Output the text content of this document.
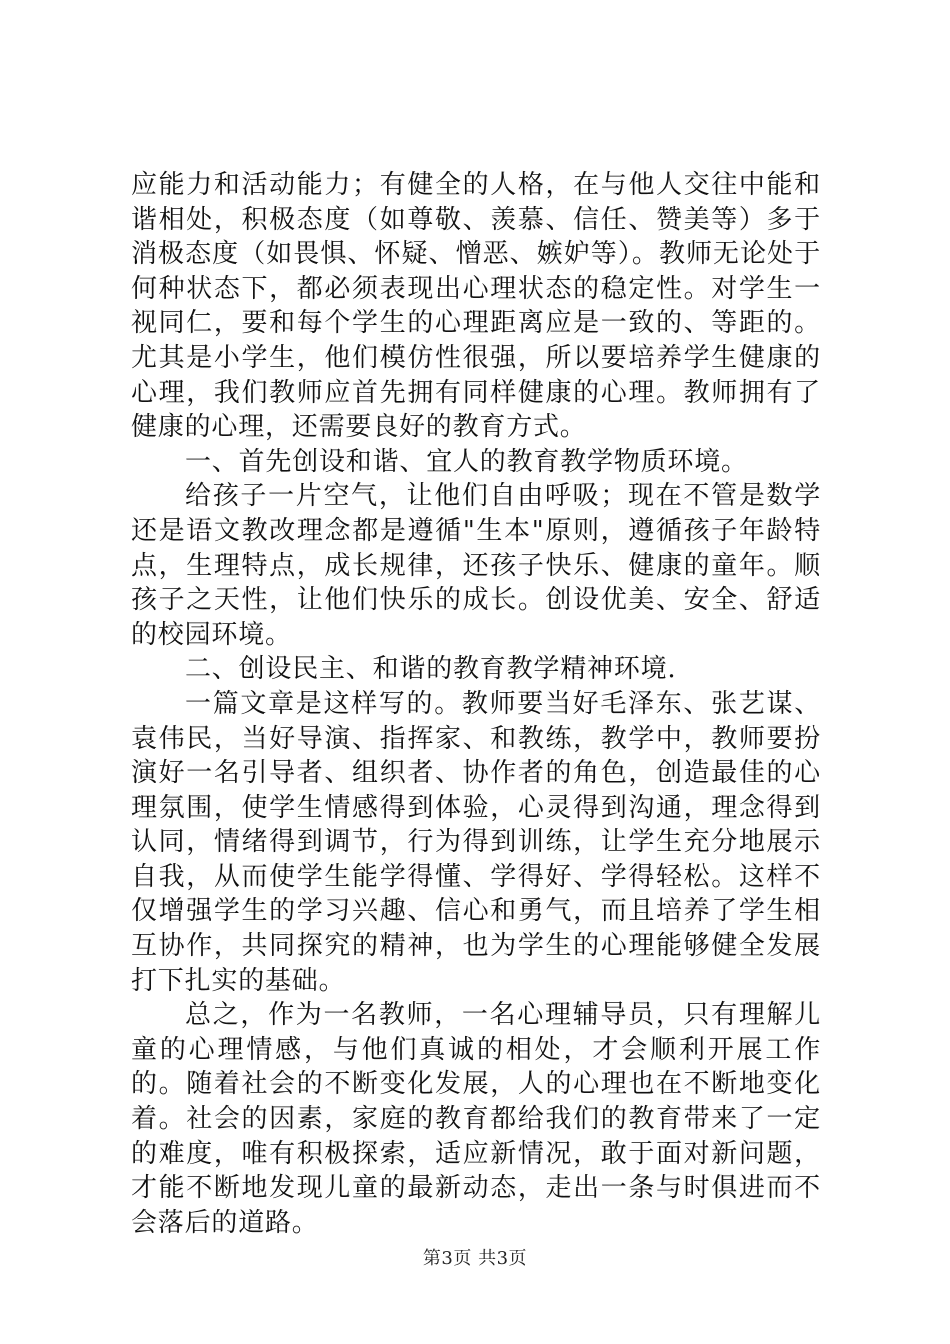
应能力和活动能力；有健全的人格，在与他人交往中能和谐相处，积极态度（如尊敬、羡慕、信任、赞美等）多于消极态度（如畏惧、怀疑、憎恶、嫉妒等）。教师无论处于何种状态下，都必须表现出心理状态的稳定性。对学生一视同仁，要和每个学生的心理距离应是一致的、等距的。尤其是小学生，他们模仿性很强，所以要培养学生健康的心理，我们教师应首先拥有同样健康的心理。教师拥有了健康的心理，还需要良好的教育方式。

一、首先创设和谐、宜人的教育教学物质环境。

给孩子一片空气，让他们自由呼吸；现在不管是数学还是语文教改理念都是遵循"生本"原则，遵循孩子年龄特点，生理特点，成长规律，还孩子快乐、健康的童年。顺孩子之天性，让他们快乐的成长。创设优美、安全、舒适的校园环境。

二、创设民主、和谐的教育教学精神环境.

一篇文章是这样写的。教师要当好毛泽东、张艺谋、袁伟民，当好导演、指挥家、和教练，教学中，教师要扮演好一名引导者、组织者、协作者的角色，创造最佳的心理氛围，使学生情感得到体验，心灵得到沟通，理念得到认同，情绪得到调节，行为得到训练，让学生充分地展示自我，从而使学生能学得懂、学得好、学得轻松。这样不仅增强学生的学习兴趣、信心和勇气，而且培养了学生相互协作，共同探究的精神，也为学生的心理能够健全发展打下扎实的基础。

总之，作为一名教师，一名心理辅导员，只有理解儿童的心理情感，与他们真诚的相处，才会顺利开展工作的。随着社会的不断变化发展，人的心理也在不断地变化着。社会的因素，家庭的教育都给我们的教育带来了一定的难度，唯有积极探索，适应新情况，敢于面对新问题，才能不断地发现儿童的最新动态，走出一条与时俱进而不会落后的道路。

第3页 共3页
